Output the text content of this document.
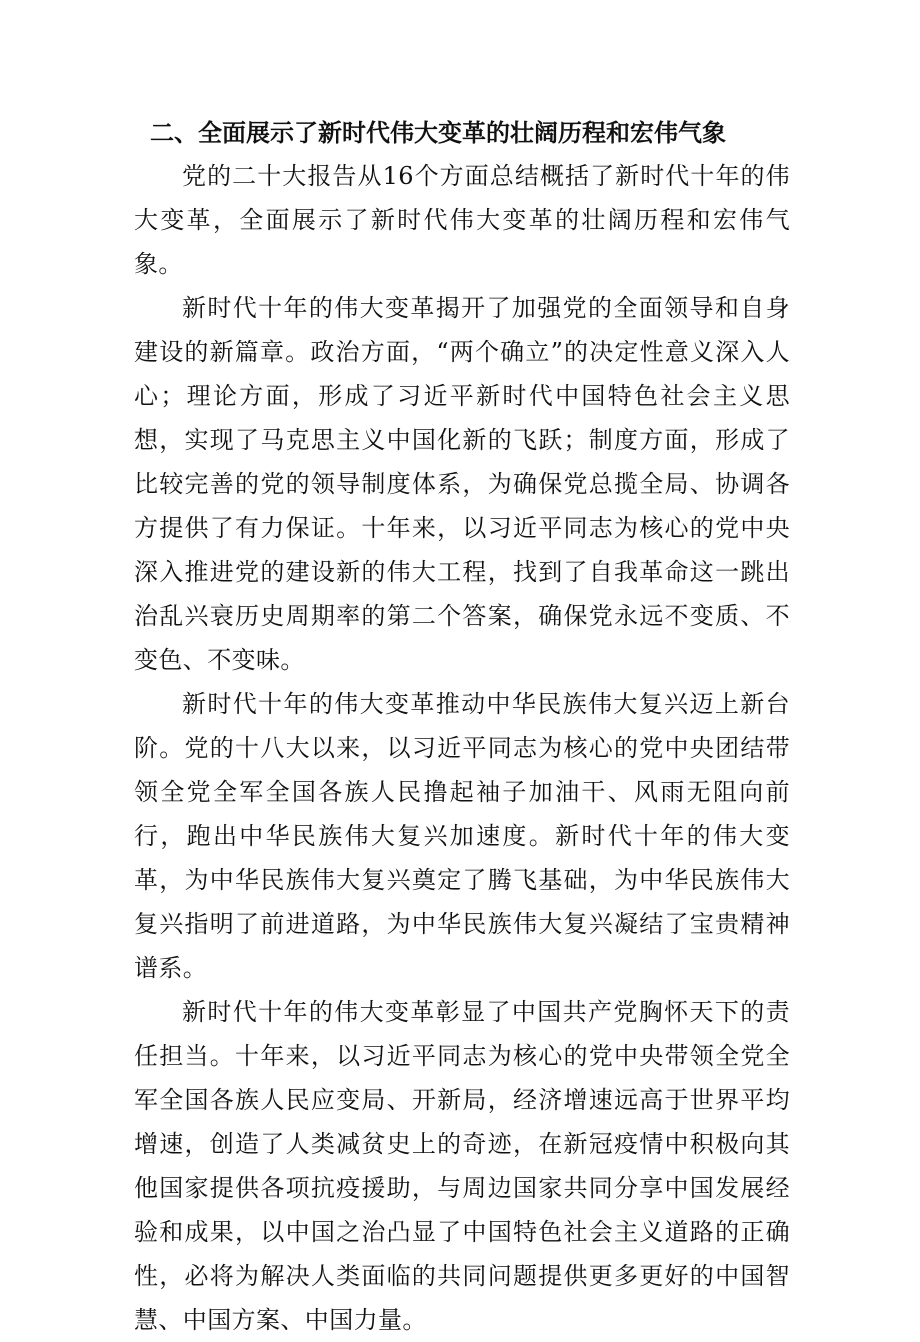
二、全面展示了新时代伟大变革的壮阔历程和宏伟气象

党的二十大报告从16个方面总结概括了新时代十年的伟大变革，全面展示了新时代伟大变革的壮阔历程和宏伟气象。

新时代十年的伟大变革揭开了加强党的全面领导和自身建设的新篇章。政治方面，“两个确立”的决定性意义深入人心；理论方面，形成了习近平新时代中国特色社会主义思想，实现了马克思主义中国化新的飞跃；制度方面，形成了比较完善的党的领导制度体系，为确保党总揽全局、协调各方提供了有力保证。十年来，以习近平同志为核心的党中央深入推进党的建设新的伟大工程，找到了自我革命这一跳出治乱兴衰历史周期率的第二个答案，确保党永远不变质、不变色、不变味。

新时代十年的伟大变革推动中华民族伟大复兴迈上新台阶。党的十八大以来，以习近平同志为核心的党中央团结带领全党全军全国各族人民撸起袖子加油干、风雨无阻向前行，跑出中华民族伟大复兴加速度。新时代十年的伟大变革，为中华民族伟大复兴奠定了腾飞基础，为中华民族伟大复兴指明了前进道路，为中华民族伟大复兴凝结了宝贵精神谱系。

新时代十年的伟大变革彰显了中国共产党胸怀天下的责任担当。十年来，以习近平同志为核心的党中央带领全党全军全国各族人民应变局、开新局，经济增速远高于世界平均增速，创造了人类减贫史上的奇迹，在新冠疫情中积极向其他国家提供各项抗疫援助，与周边国家共同分享中国发展经验和成果，以中国之治凸显了中国特色社会主义道路的正确性，必将为解决人类面临的共同问题提供更多更好的中国智慧、中国方案、中国力量。
